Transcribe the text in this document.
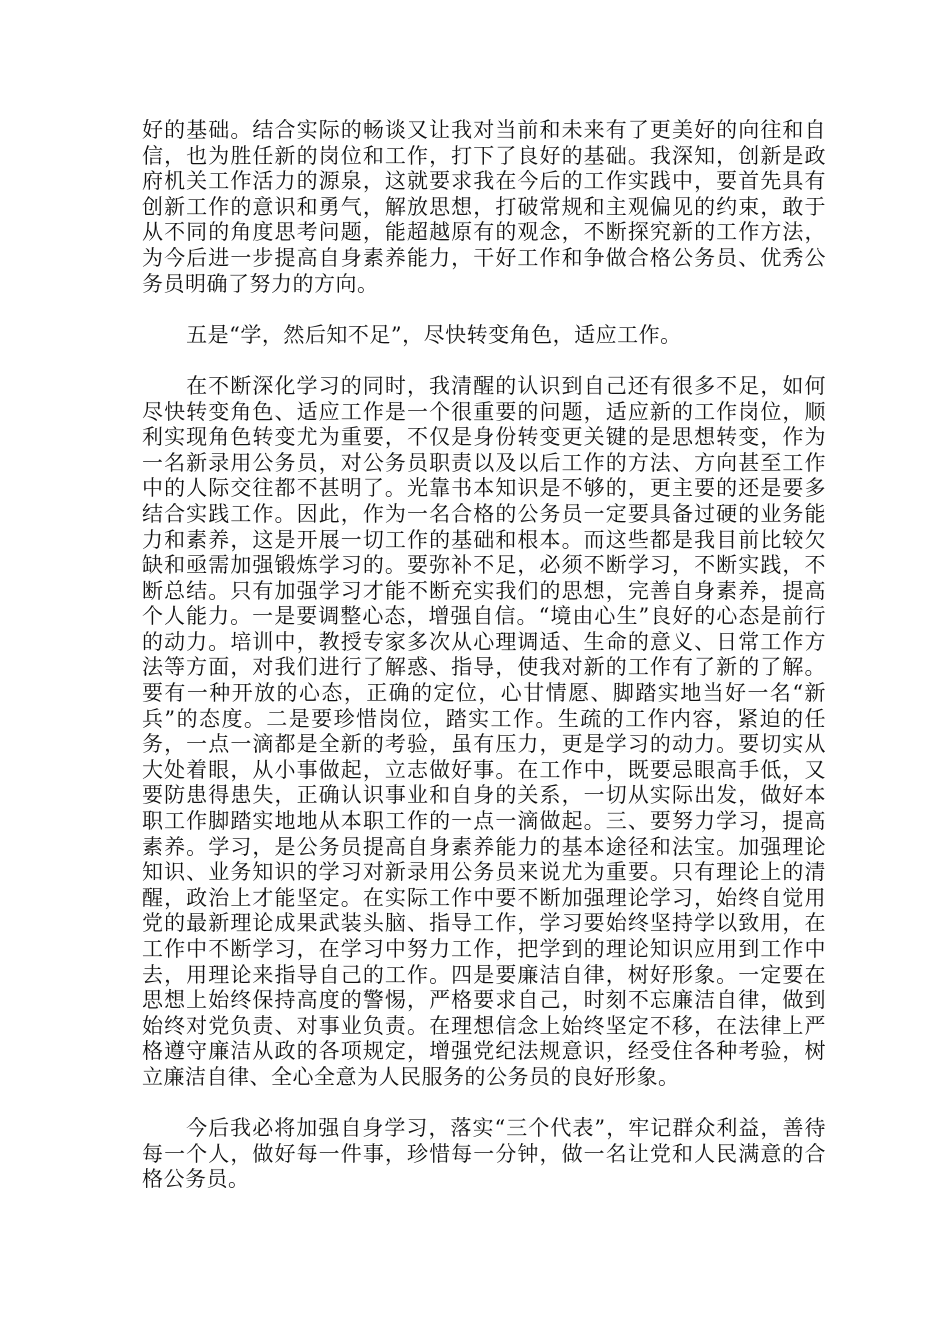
好的基础。结合实际的畅谈又让我对当前和未来有了更美好的向往和自信，也为胜任新的岗位和工作，打下了良好的基础。我深知，创新是政府机关工作活力的源泉，这就要求我在今后的工作实践中，要首先具有创新工作的意识和勇气，解放思想，打破常规和主观偏见的约束，敢于从不同的角度思考问题，能超越原有的观念，不断探究新的工作方法，为今后进一步提高自身素养能力，干好工作和争做合格公务员、优秀公务员明确了努力的方向。

五是“学，然后知不足”，尽快转变角色，适应工作。

在不断深化学习的同时，我清醒的认识到自己还有很多不足，如何尽快转变角色、适应工作是一个很重要的问题，适应新的工作岗位，顺利实现角色转变尤为重要，不仅是身份转变更关键的是思想转变，作为一名新录用公务员，对公务员职责以及以后工作的方法、方向甚至工作中的人际交往都不甚明了。光靠书本知识是不够的，更主要的还是要多结合实践工作。因此，作为一名合格的公务员一定要具备过硬的业务能力和素养，这是开展一切工作的基础和根本。而这些都是我目前比较欠缺和亟需加强锻炼学习的。要弥补不足，必须不断学习，不断实践，不断总结。只有加强学习才能不断充实我们的思想，完善自身素养，提高个人能力。一是要调整心态，增强自信。“境由心生”良好的心态是前行的动力。培训中，教授专家多次从心理调适、生命的意义、日常工作方法等方面，对我们进行了解惑、指导，使我对新的工作有了新的了解。要有一种开放的心态，正确的定位，心甘情愿、脚踏实地当好一名“新兵”的态度。二是要珍惜岗位，踏实工作。生疏的工作内容，紧迫的任务，一点一滴都是全新的考验，虽有压力，更是学习的动力。要切实从大处着眼，从小事做起，立志做好事。在工作中，既要忌眼高手低，又要防患得患失，正确认识事业和自身的关系，一切从实际出发，做好本职工作脚踏实地地从本职工作的一点一滴做起。三、要努力学习，提高素养。学习，是公务员提高自身素养能力的基本途径和法宝。加强理论知识、业务知识的学习对新录用公务员来说尤为重要。只有理论上的清醒，政治上才能坚定。在实际工作中要不断加强理论学习，始终自觉用党的最新理论成果武装头脑、指导工作，学习要始终坚持学以致用，在工作中不断学习，在学习中努力工作，把学到的理论知识应用到工作中去，用理论来指导自己的工作。四是要廉洁自律，树好形象。一定要在思想上始终保持高度的警惕，严格要求自己，时刻不忘廉洁自律，做到始终对党负责、对事业负责。在理想信念上始终坚定不移，在法律上严格遵守廉洁从政的各项规定，增强党纪法规意识，经受住各种考验，树立廉洁自律、全心全意为人民服务的公务员的良好形象。

今后我必将加强自身学习，落实“三个代表”，牢记群众利益，善待每一个人，做好每一件事，珍惜每一分钟，做一名让党和人民满意的合格公务员。
